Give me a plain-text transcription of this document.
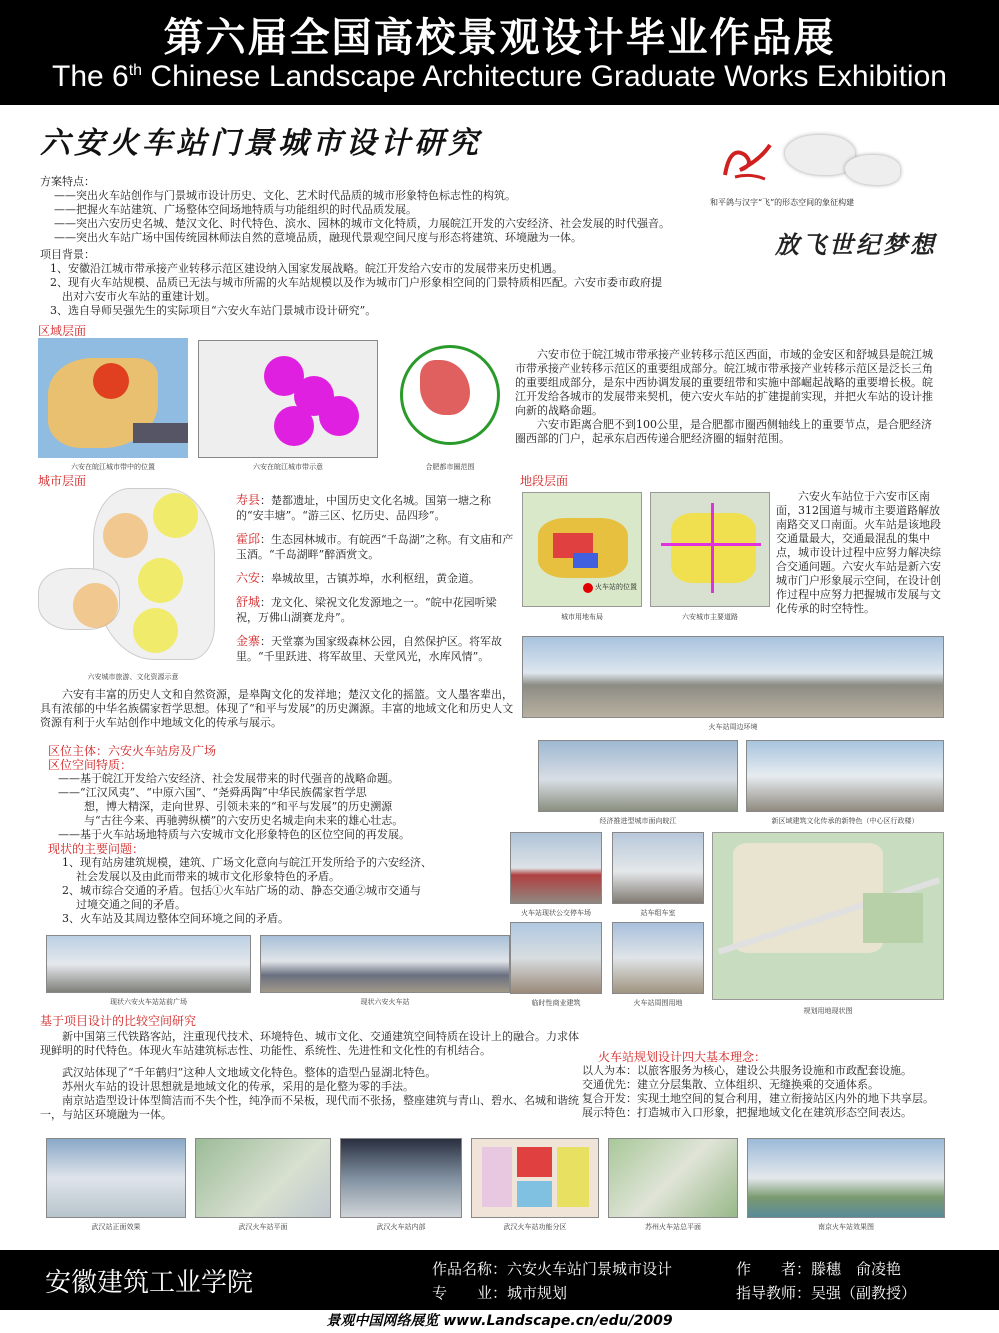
第六届全国高校景观设计毕业作品展
The 6th Chinese Landscape Architecture Graduate Works Exhibition
六安火车站门景城市设计研究
和平鸽与汉字“飞”的形态空间的象征构建
放飞世纪梦想
方案特点：
——突出火车站创作与门景城市设计历史、文化、艺术时代品质的城市形象特色标志性的构筑。
——把握火车站建筑、广场整体空间场地特质与功能组织的时代品质发展。
——突出六安历史名城、楚汉文化、时代特色、滨水、园林的城市文化特质，力展皖江开发的六安经济、社会发展的时代强音。
——突出火车站广场中国传统园林师法自然的意境品质，融现代景观空间尺度与形态将建筑、环境融为一体。
项目背景：
1、安徽沿江城市带承接产业转移示范区建设纳入国家发展战略。皖江开发给六安市的发展带来历史机遇。
2、现有火车站规模、品质已无法与城市所需的火车站规模以及作为城市门户形象相空间的门景特质相匹配。六安市委市政府提
出对六安市火车站的重建计划。
3、选自导师吴强先生的实际项目“六安火车站门景城市设计研究”。
区域层面
六安在皖江城市带中的位置	六安在皖江城市带示意	合肥都市圈范围
六安市位于皖江城市带承接产业转移示范区西面，市域的金安区和舒城县是皖江城市带承接产业转移示范区的重要组成部分。皖江城市带承接产业转移示范区是泛长三角的重要组成部分，是东中西协调发展的重要纽带和实施中部崛起战略的重要增长极。皖江开发给各城市的发展带来契机，使六安火车站的扩建提前实现，并把火车站的设计推向新的战略命题。
六安市距离合肥不到100公里，是合肥都市圈西侧轴线上的重要节点，是合肥经济圈西部的门户，起承东启西传递合肥经济圈的辐射范围。
城市层面
六安城市旅游、文化资源示意
寿县：楚都遗址，中国历史文化名城。国第一塘之称的“安丰塘”。“游三区、忆历史、品四珍”。
霍邱：生态园林城市。有皖西“千岛湖”之称。有文庙和产玉酒。“千岛湖畔”醉酒赏文。
六安：皋城故里，古镇苏埠，水利枢纽，黄金道。
舒城：龙文化、梁祝文化发源地之一。“皖中花园听梁祝，万佛山湖赛龙舟”。
金寨：天堂寨为国家级森林公园，自然保护区。将军故里。“千里跃进、将军故里、天堂风光，水库风情”。
六安有丰富的历史人文和自然资源，是皋陶文化的发祥地；楚汉文化的摇篮。文人墨客辈出，具有浓郁的中华名族儒家哲学思想。体现了“和平与发展”的历史渊源。丰富的地域文化和历史人文资源有利于火车站创作中地域文化的传承与展示。
地段层面
火车站的位置
城市用地布局	六安城市主要道路
六安火车站位于六安市区南面，312国道与城市主要道路解放南路交叉口南面。火车站是该地段交通量最大，交通最混乱的集中点，城市设计过程中应努力解决综合交通问题。六安火车站是新六安城市门户形象展示空间，在设计创作过程中应努力把握城市发展与文化传承的时空特性。
火车站周边环境
区位主体：六安火车站房及广场
区位空间特质：
——基于皖江开发给六安经济、社会发展带来的时代强音的战略命题。
——“江汉风夷”、“中原六国”、“尧舜禹陶”中华民族儒家哲学思
想，博大精深，走向世界、引领未来的“和平与发展”的历史溯源
与“古往今来、再驰骋纵横”的六安历史名城走向未来的雄心壮志。
——基于火车站场地特质与六安城市文化形象特色的区位空间的再发展。
经济推进型城市面向皖江	新区域建筑文化传承的新特色（中心区行政楼）
现状的主要问题：
1、现有站房建筑规模，建筑、广场文化意向与皖江开发所给予的六安经济、
社会发展以及由此而带来的城市文化形象特色的矛盾。
2、城市综合交通的矛盾。包括①火车站广场的动、静态交通②城市交通与
过境交通之间的矛盾。
3、火车站及其周边整体空间环境之间的矛盾。
现状六安火车站站前广场	现状六安火车站
火车站现状公交停车场	站车组车室
临时性商业建筑	火车站周围用地
规划用地现状图
基于项目设计的比较空间研究
新中国第三代铁路客站，注重现代技术、环境特色、城市文化、交通建筑空间特质在设计上的融合。力求体现鲜明的时代特色。体现火车站建筑标志性、功能性、系统性、先进性和文化性的有机结合。
武汉站体现了“千年鹤归”这种人文地域文化特色。整体的造型凸显湖北特色。
苏州火车站的设计思想就是地域文化的传承，采用的是化整为零的手法。
南京站造型设计体型简洁而不失个性，纯净而不呆板，现代而不张扬，整座建筑与青山、碧水、名城和谐统一，与站区环境融为一体。
火车站规划设计四大基本理念：
以人为本：以旅客服务为核心，建设公共服务设施和市政配套设施。
交通优先：建立分层集散、立体组织、无缝换乘的交通体系。
复合开发：实现土地空间的复合利用，建立衔接站区内外的地下共享层。
展示特色：打造城市入口形象，把握地域文化在建筑形态空间表达。
武汉站正面效果	武汉火车站平面	武汉火车站内部	武汉火车站功能分区	苏州火车站总平面	南京火车站效果图
安徽建筑工业学院	作品名称：六安火车站门景城市设计	作　　者：滕穗　俞凌艳
专　　业：城市规划	指导教师：吴强（副教授）
景观中国网络展览 www.Landscape.cn/edu/2009
